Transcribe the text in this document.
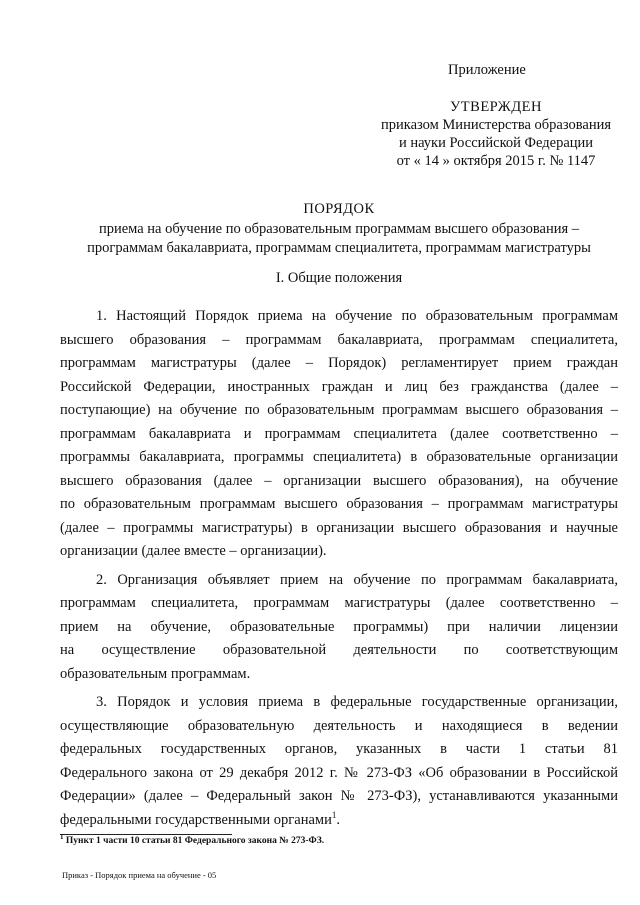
Приложение
УТВЕРЖДЕН
приказом Министерства образования
и науки Российской Федерации
от « 14 » октября 2015 г. № 1147
ПОРЯДОК
приема на обучение по образовательным программам высшего образования –
программам бакалавриата, программам специалитета, программам магистратуры
I. Общие положения
1. Настоящий Порядок приема на обучение по образовательным программам
высшего образования – программам бакалавриата, программам специалитета,
программам магистратуры (далее – Порядок) регламентирует прием граждан
Российской Федерации, иностранных граждан и лиц без гражданства (далее –
поступающие) на обучение по образовательным программам высшего образования –
программам бакалавриата и программам специалитета (далее соответственно –
программы бакалавриата, программы специалитета) в образовательные организации
высшего образования (далее – организации высшего образования), на обучение
по образовательным программам высшего образования – программам магистратуры
(далее – программы магистратуры) в организации высшего образования и научные
организации (далее вместе – организации).
2. Организация объявляет прием на обучение по программам бакалавриата,
программам специалитета, программам магистратуры (далее соответственно –
прием на обучение, образовательные программы) при наличии лицензии
на осуществление образовательной деятельности по соответствующим
образовательным программам.
3. Порядок и условия приема в федеральные государственные организации,
осуществляющие образовательную деятельность и находящиеся в ведении
федеральных государственных органов, указанных в части 1 статьи 81
Федерального закона от 29 декабря 2012 г. № 273-ФЗ «Об образовании в Российской
Федерации» (далее – Федеральный закон № 273-ФЗ), устанавливаются указанными
федеральными государственными органами$^1$.
$^1$ Пункт 1 части 10 статьи 81 Федерального закона № 273-ФЗ.
Приказ - Порядок приема на обучение - 05
